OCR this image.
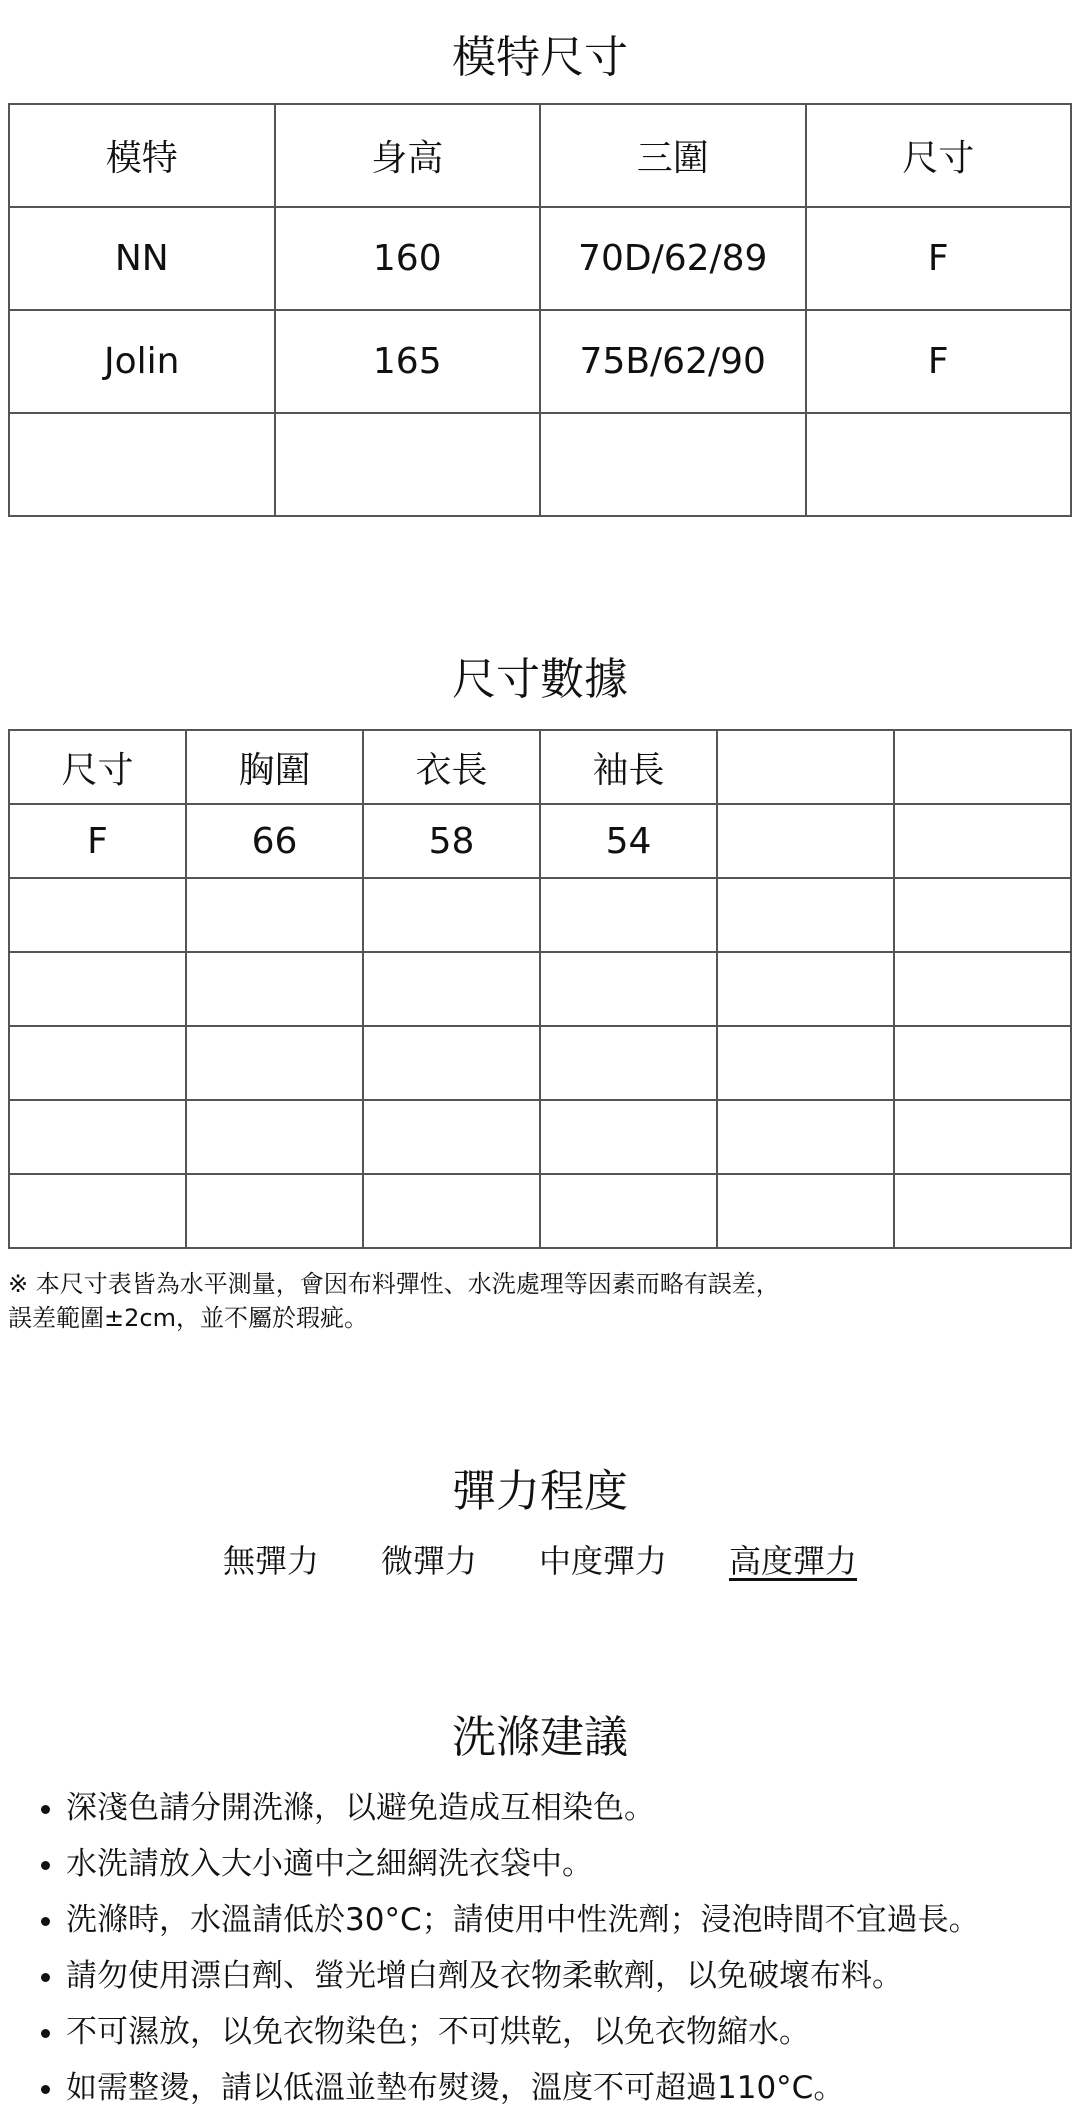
模特尺寸
模特	身高	三圍	尺寸
NN	160	70D/62/89	F
Jolin	165	75B/62/90	F

尺寸數據
尺寸	胸圍	衣長	袖長		
F	66	58	54		

※ 本尺寸表皆為水平測量，會因布料彈性、水洗處理等因素而略有誤差，
誤差範圍±2cm，並不屬於瑕疵。

彈力程度
無彈力 微彈力 中度彈力 高度彈力
洗滌建議
• 深淺色請分開洗滌，以避免造成互相染色。
• 水洗請放入大小適中之細網洗衣袋中。
• 洗滌時，水溫請低於30°C；請使用中性洗劑；浸泡時間不宜過長。
• 請勿使用漂白劑、螢光增白劑及衣物柔軟劑，以免破壞布料。
• 不可濕放，以免衣物染色；不可烘乾，以免衣物縮水。
• 如需整燙，請以低溫並墊布熨燙，溫度不可超過110°C。
